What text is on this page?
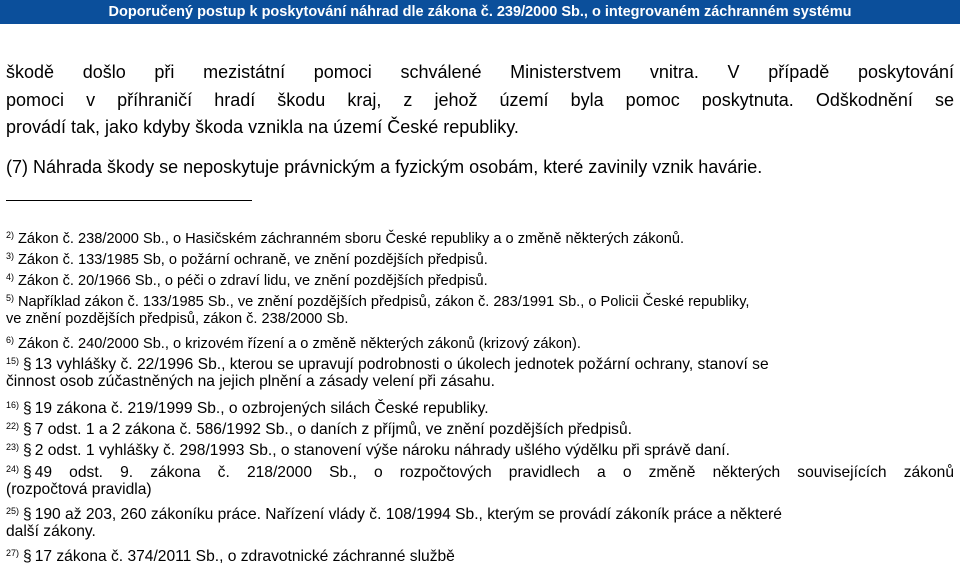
Doporučený postup k poskytování náhrad dle zákona č. 239/2000 Sb., o integrovaném záchranném systému
škodě došlo při mezistátní pomoci schválené Ministerstvem vnitra. V případě poskytování
pomoci v příhraničí hradí škodu kraj, z jehož území byla pomoc poskytnuta. Odškodnění se
provádí tak, jako kdyby škoda vznikla na území České republiky.
(7) Náhrada škody se neposkytuje právnickým a fyzickým osobám, které zavinily vznik havárie.
$^{2)}$ Zákon č. 238/2000 Sb., o Hasičském záchranném sboru České republiky a o změně některých zákonů.
$^{3)}$ Zákon č. 133/1985 Sb, o požární ochraně, ve znění pozdějších předpisů.
$^{4)}$ Zákon č. 20/1966 Sb., o péči o zdraví lidu, ve znění pozdějších předpisů.
$^{5)}$ Například zákon č. 133/1985 Sb., ve znění pozdějších předpisů, zákon č. 283/1991 Sb., o Policii České republiky,
ve znění pozdějších předpisů, zákon č. 238/2000 Sb.
$^{6)}$ Zákon č. 240/2000 Sb., o krizovém řízení a o změně některých zákonů (krizový zákon).
$^{15)}$ § 13 vyhlášky č. 22/1996 Sb., kterou se upravují podrobnosti o úkolech jednotek požární ochrany, stanoví se
činnost osob zúčastněných na jejich plnění a zásady velení při zásahu.
$^{16)}$ § 19 zákona č. 219/1999 Sb., o ozbrojených silách České republiky.
$^{22)}$ § 7 odst. 1 a 2 zákona č. 586/1992 Sb., o daních z příjmů, ve znění pozdějších předpisů.
$^{23)}$ § 2 odst. 1 vyhlášky č. 298/1993 Sb., o stanovení výše nároku náhrady ušlého výdělku při správě daní.
$^{24)}$ § 49 odst. 9. zákona č. 218/2000 Sb., o rozpočtových pravidlech a o změně některých souvisejících zákonů
(rozpočtová pravidla)
$^{25)}$ § 190 až 203, 260 zákoníku práce. Nařízení vlády č. 108/1994 Sb., kterým se provádí zákoník práce a některé
další zákony.
$^{27)}$ § 17 zákona č. 374/2011 Sb., o zdravotnické záchranné službě
